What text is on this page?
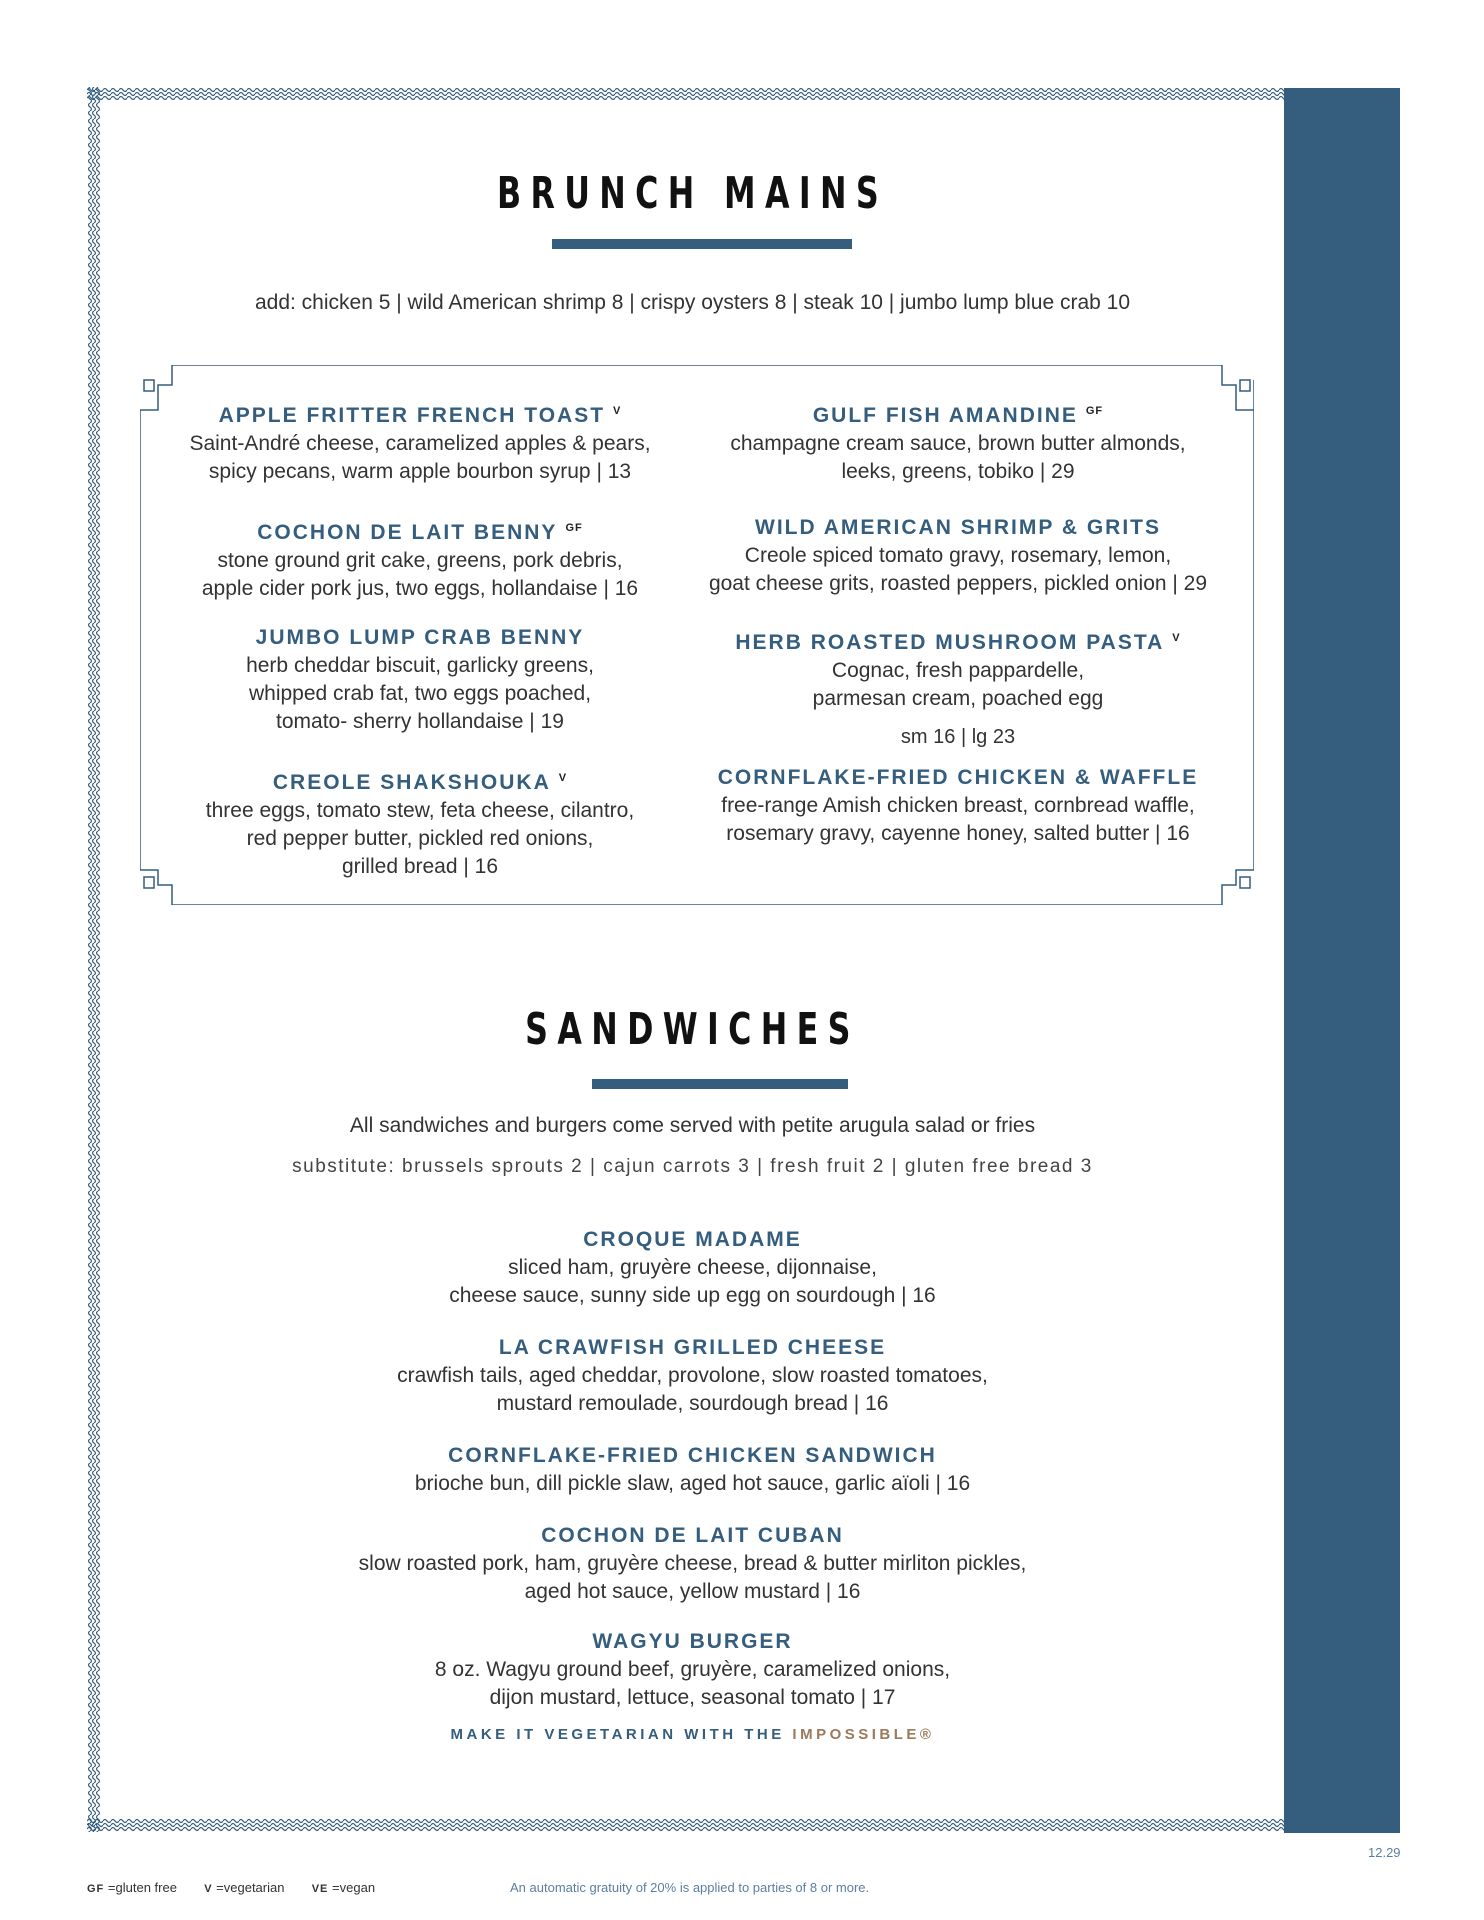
BRUNCH MAINS
add: chicken 5 | wild American shrimp 8 | crispy oysters 8 | steak 10 | jumbo lump blue crab 10
APPLE FRITTER FRENCH TOAST $^V$
Saint-André cheese, caramelized apples & pears,
spicy pecans, warm apple bourbon syrup | 13
COCHON DE LAIT BENNY $^{GF}$
stone ground grit cake, greens, pork debris,
apple cider pork jus, two eggs, hollandaise | 16
JUMBO LUMP CRAB BENNY
herb cheddar biscuit, garlicky greens,
whipped crab fat, two eggs poached,
tomato- sherry hollandaise | 19
CREOLE SHAKSHOUKA $^V$
three eggs, tomato stew, feta cheese, cilantro,
red pepper butter, pickled red onions,
grilled bread | 16
GULF FISH AMANDINE $^{GF}$
champagne cream sauce, brown butter almonds,
leeks, greens, tobiko | 29
WILD AMERICAN SHRIMP & GRITS
Creole spiced tomato gravy, rosemary, lemon,
goat cheese grits, roasted peppers, pickled onion | 29
HERB ROASTED MUSHROOM PASTA $^V$
Cognac, fresh pappardelle,
parmesan cream, poached egg
sm 16 | lg 23
CORNFLAKE-FRIED CHICKEN & WAFFLE
free-range Amish chicken breast, cornbread waffle,
rosemary gravy, cayenne honey, salted butter | 16
SANDWICHES
All sandwiches and burgers come served with petite arugula salad or fries
substitute: brussels sprouts 2 | cajun carrots 3 | fresh fruit 2 | gluten free bread 3
CROQUE MADAME
sliced ham, gruyère cheese, dijonnaise,
cheese sauce, sunny side up egg on sourdough | 16
LA CRAWFISH GRILLED CHEESE
crawfish tails, aged cheddar, provolone, slow roasted tomatoes,
mustard remoulade, sourdough bread | 16
CORNFLAKE-FRIED CHICKEN SANDWICH
brioche bun, dill pickle slaw, aged hot sauce, garlic aïoli | 16
COCHON DE LAIT CUBAN
slow roasted pork, ham, gruyère cheese, bread & butter mirliton pickles,
aged hot sauce, yellow mustard | 16
WAGYU BURGER
8 oz. Wagyu ground beef, gruyère, caramelized onions,
dijon mustard, lettuce, seasonal tomato | 17
MAKE IT VEGETARIAN WITH THE IMPOSSIBLE®
GF =gluten free V =vegetarian VE =vegan	An automatic gratuity of 20% is applied to parties of 8 or more.
12.29
